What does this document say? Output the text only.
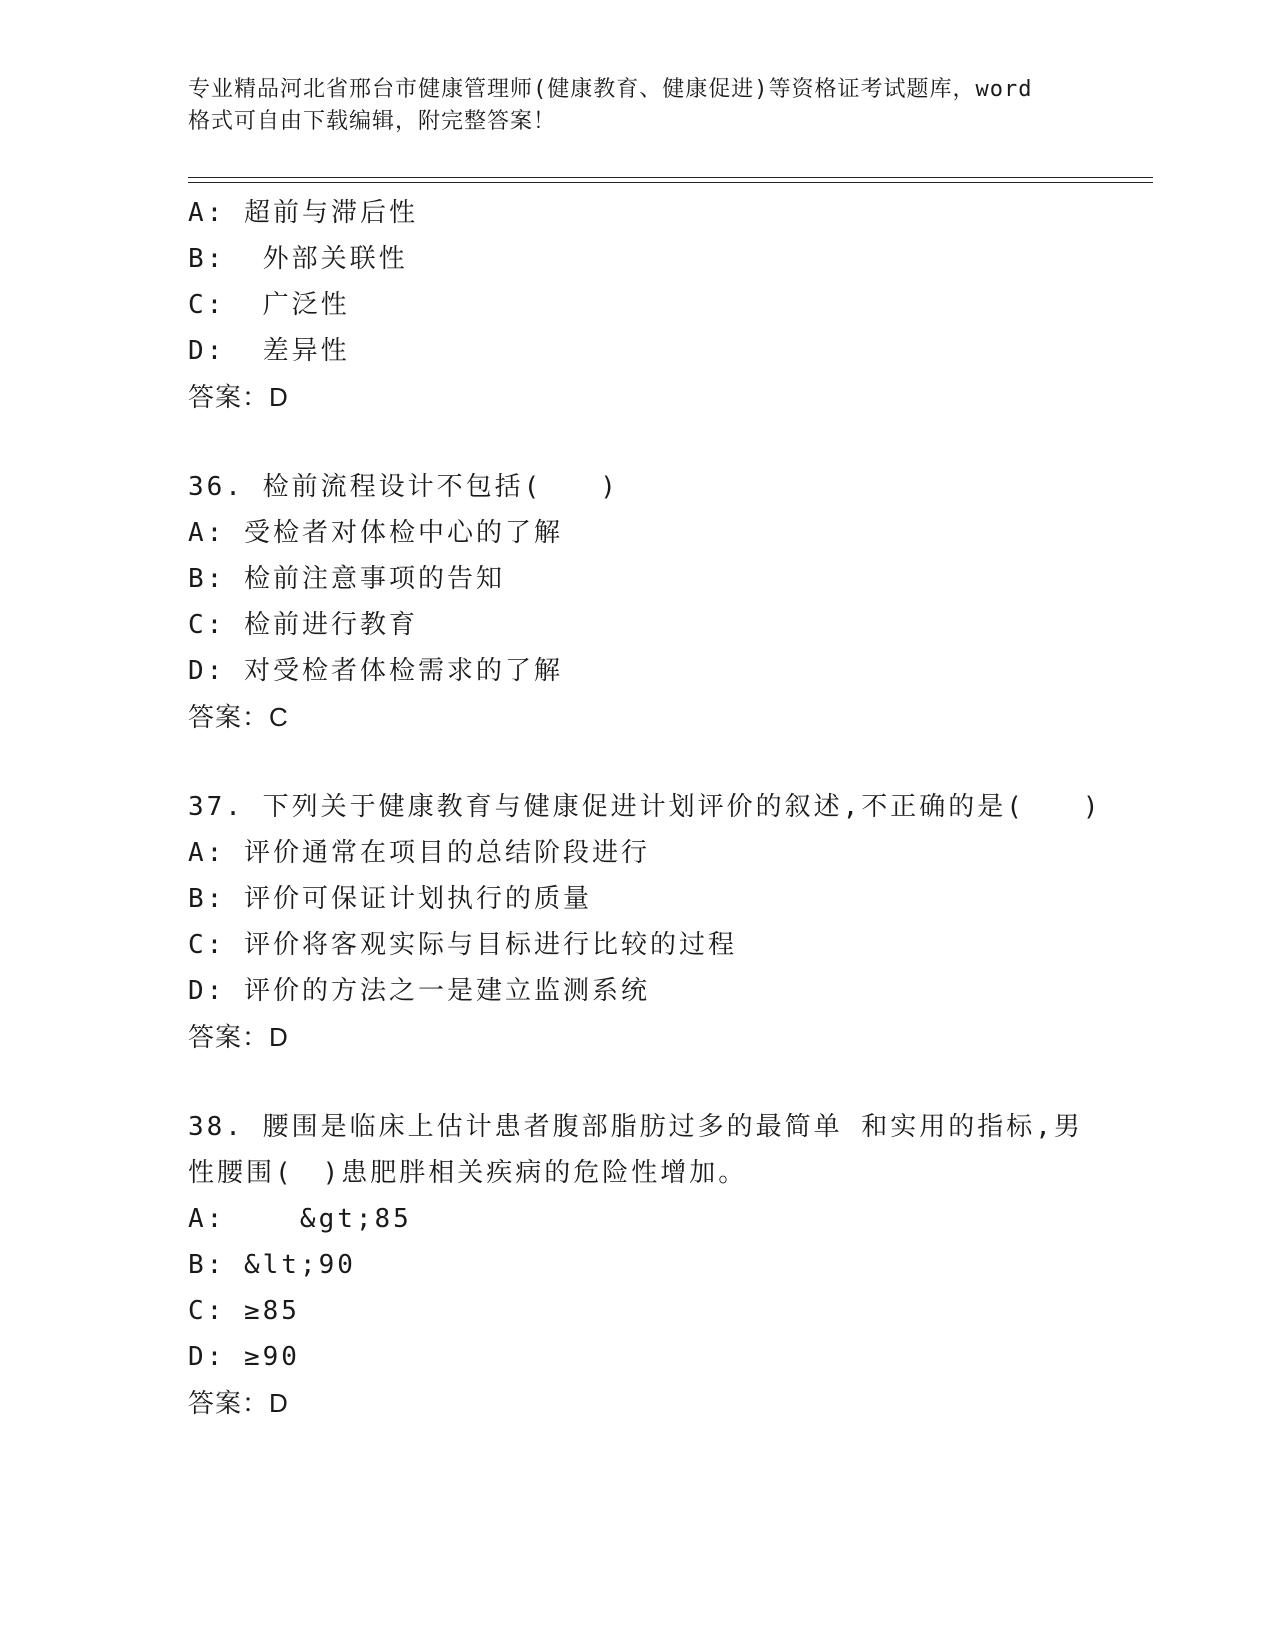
专业精品河北省邢台市健康管理师(健康教育、健康促进)等资格证考试题库，word
格式可自由下载编辑，附完整答案！
A: 超前与滞后性
B:  外部关联性
C:  广泛性
D:  差异性
答案：D
36. 检前流程设计不包括(　　)
A: 受检者对体检中心的了解
B: 检前注意事项的告知
C: 检前进行教育
D: 对受检者体检需求的了解
答案：C
37. 下列关于健康教育与健康促进计划评价的叙述,不正确的是(　　)
A: 评价通常在项目的总结阶段进行
B: 评价可保证计划执行的质量
C: 评价将客观实际与目标进行比较的过程
D: 评价的方法之一是建立监测系统
答案：D
38. 腰围是临床上估计患者腹部脂肪过多的最简单 和实用的指标,男
性腰围(　)患肥胖相关疾病的危险性增加。
A:    &gt;85
B: &lt;90
C: ≥85
D: ≥90
答案：D
